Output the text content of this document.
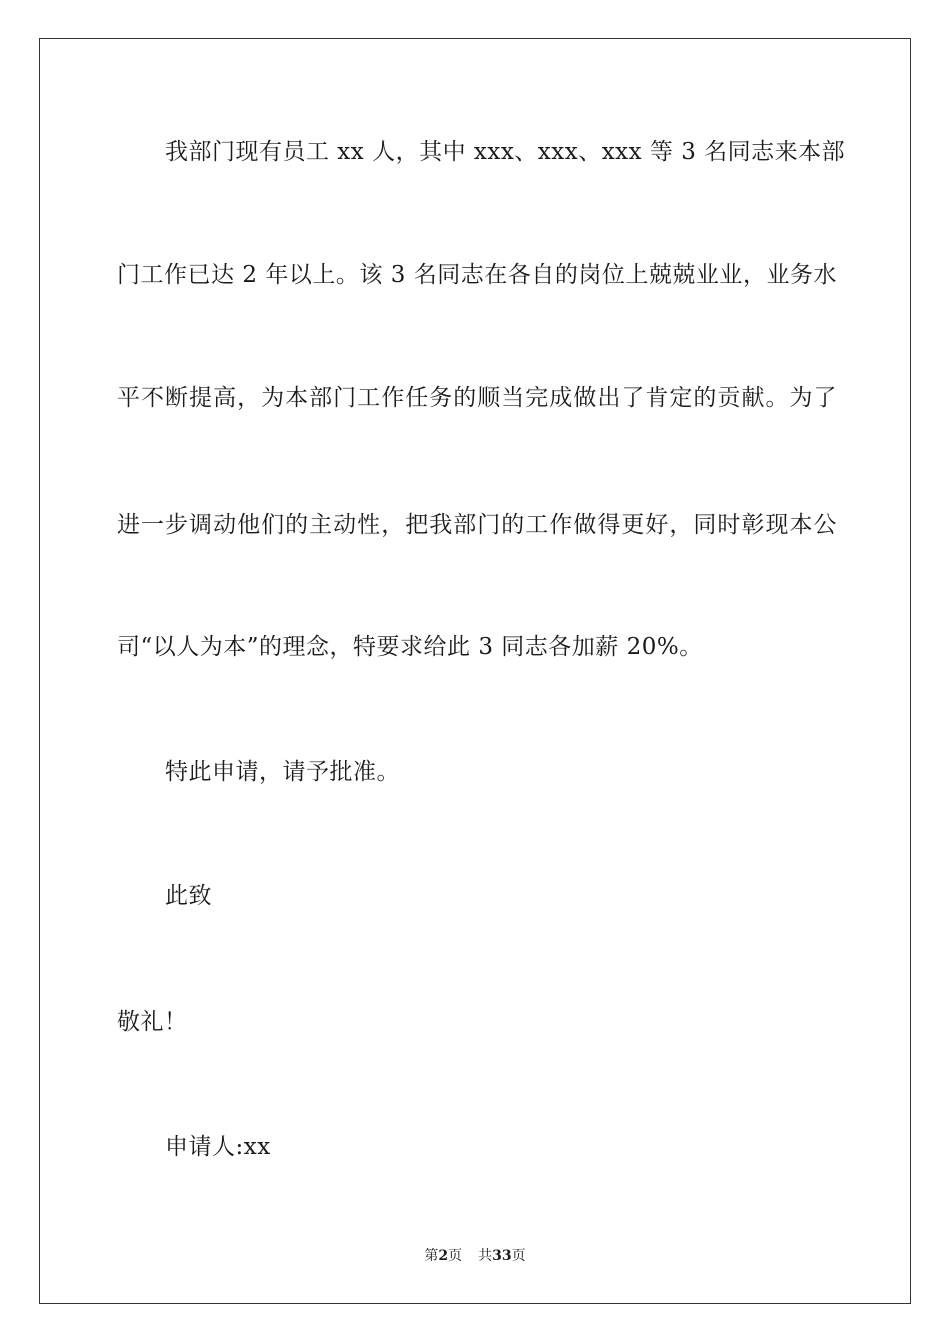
我部门现有员工 xx 人，其中 xxx、xxx、xxx 等 3 名同志来本部
门工作已达 2 年以上。该 3 名同志在各自的岗位上兢兢业业，业务水
平不断提高，为本部门工作任务的顺当完成做出了肯定的贡献。为了
进一步调动他们的主动性，把我部门的工作做得更好，同时彰现本公
司“以人为本”的理念，特要求给此 3 同志各加薪 20%。
特此申请，请予批准。
此致
敬礼！
申请人:xx
第2页 共33页
